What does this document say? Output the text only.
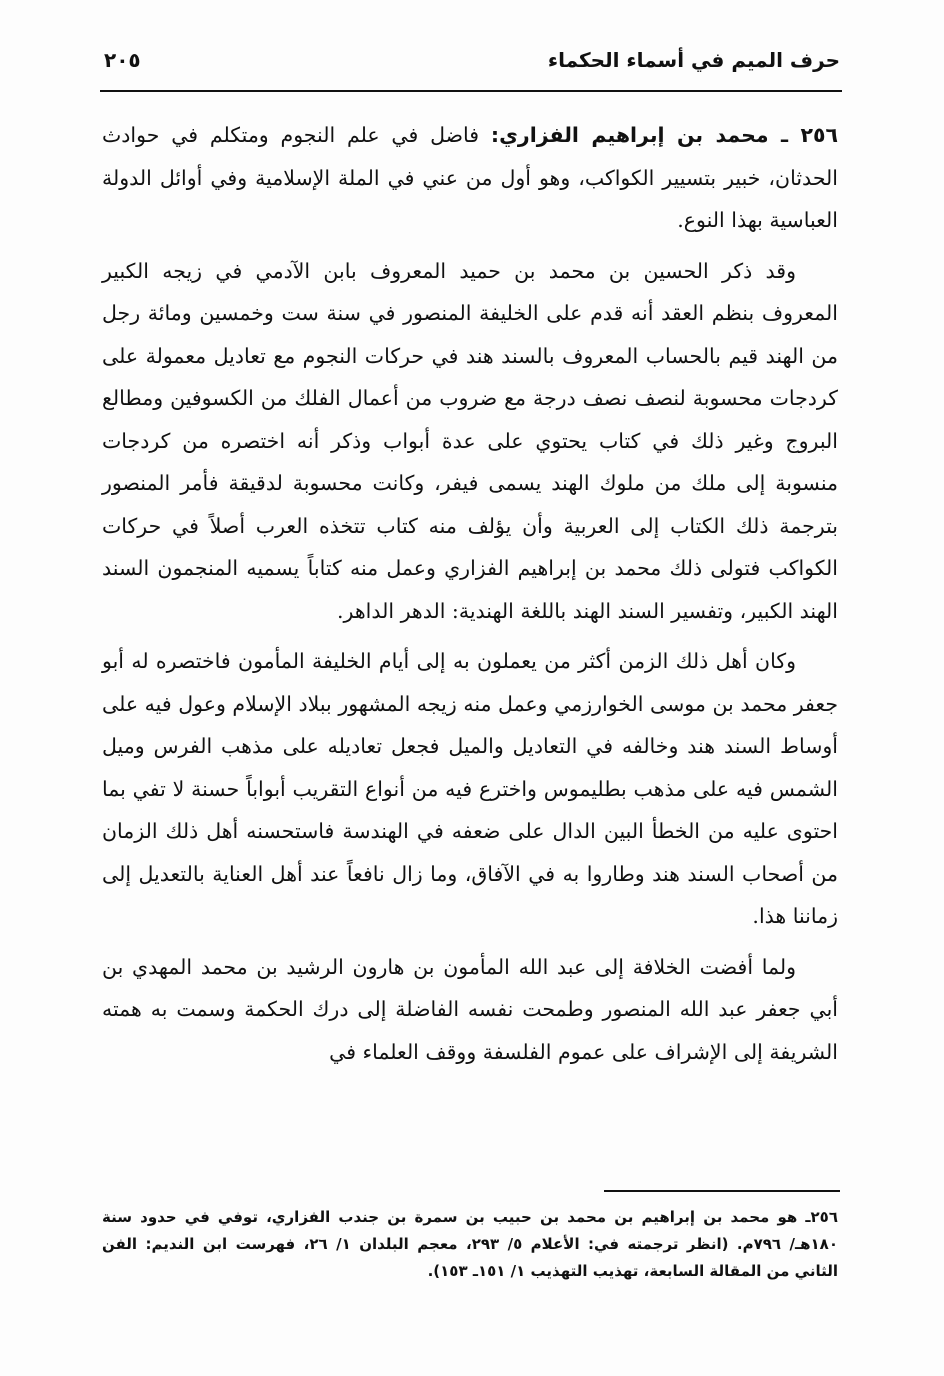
حرف الميم في أسماء الحكماء
٢٠٥

٢٥٦ ـ محمد بن إبراهيم الفزاري: فاضل في علم النجوم ومتكلم في حوادث الحدثان، خبير بتسيير الكواكب، وهو أول من عني في الملة الإسلامية وفي أوائل الدولة العباسية بهذا النوع.

وقد ذكر الحسين بن محمد بن حميد المعروف بابن الآدمي في زيجه الكبير المعروف بنظم العقد أنه قدم على الخليفة المنصور في سنة ست وخمسين ومائة رجل من الهند قيم بالحساب المعروف بالسند هند في حركات النجوم مع تعاديل معمولة على كردجات محسوبة لنصف نصف درجة مع ضروب من أعمال الفلك من الكسوفين ومطالع البروج وغير ذلك في كتاب يحتوي على عدة أبواب وذكر أنه اختصره من كردجات منسوبة إلى ملك من ملوك الهند يسمى فيفر، وكانت محسوبة لدقيقة فأمر المنصور بترجمة ذلك الكتاب إلى العربية وأن يؤلف منه كتاب تتخذه العرب أصلاً في حركات الكواكب فتولى ذلك محمد بن إبراهيم الفزاري وعمل منه كتاباً يسميه المنجمون السند الهند الكبير، وتفسير السند الهند باللغة الهندية: الدهر الداهر.

وكان أهل ذلك الزمن أكثر من يعملون به إلى أيام الخليفة المأمون فاختصره له أبو جعفر محمد بن موسى الخوارزمي وعمل منه زيجه المشهور ببلاد الإسلام وعول فيه على أوساط السند هند وخالفه في التعاديل والميل فجعل تعاديله على مذهب الفرس وميل الشمس فيه على مذهب بطليموس واخترع فيه من أنواع التقريب أبواباً حسنة لا تفي بما احتوى عليه من الخطأ البين الدال على ضعفه في الهندسة فاستحسنه أهل ذلك الزمان من أصحاب السند هند وطاروا به في الآفاق، وما زال نافعاً عند أهل العناية بالتعديل إلى زماننا هذا.

ولما أفضت الخلافة إلى عبد الله المأمون بن هارون الرشيد بن محمد المهدي بن أبي جعفر عبد الله المنصور وطمحت نفسه الفاضلة إلى درك الحكمة وسمت به همته الشريفة إلى الإشراف على عموم الفلسفة ووقف العلماء في

٢٥٦ـ هو محمد بن إبراهيم بن محمد بن حبيب بن سمرة بن جندب الفزاري، توفي في حدود سنة ١٨٠هـ/ ٧٩٦م. (انظر ترجمته في: الأعلام ٥/ ٢٩٣، معجم البلدان ١/ ٢٦، فهرست ابن النديم: الفن الثاني من المقالة السابعة، تهذيب التهذيب ١/ ١٥١ـ ١٥٣).
